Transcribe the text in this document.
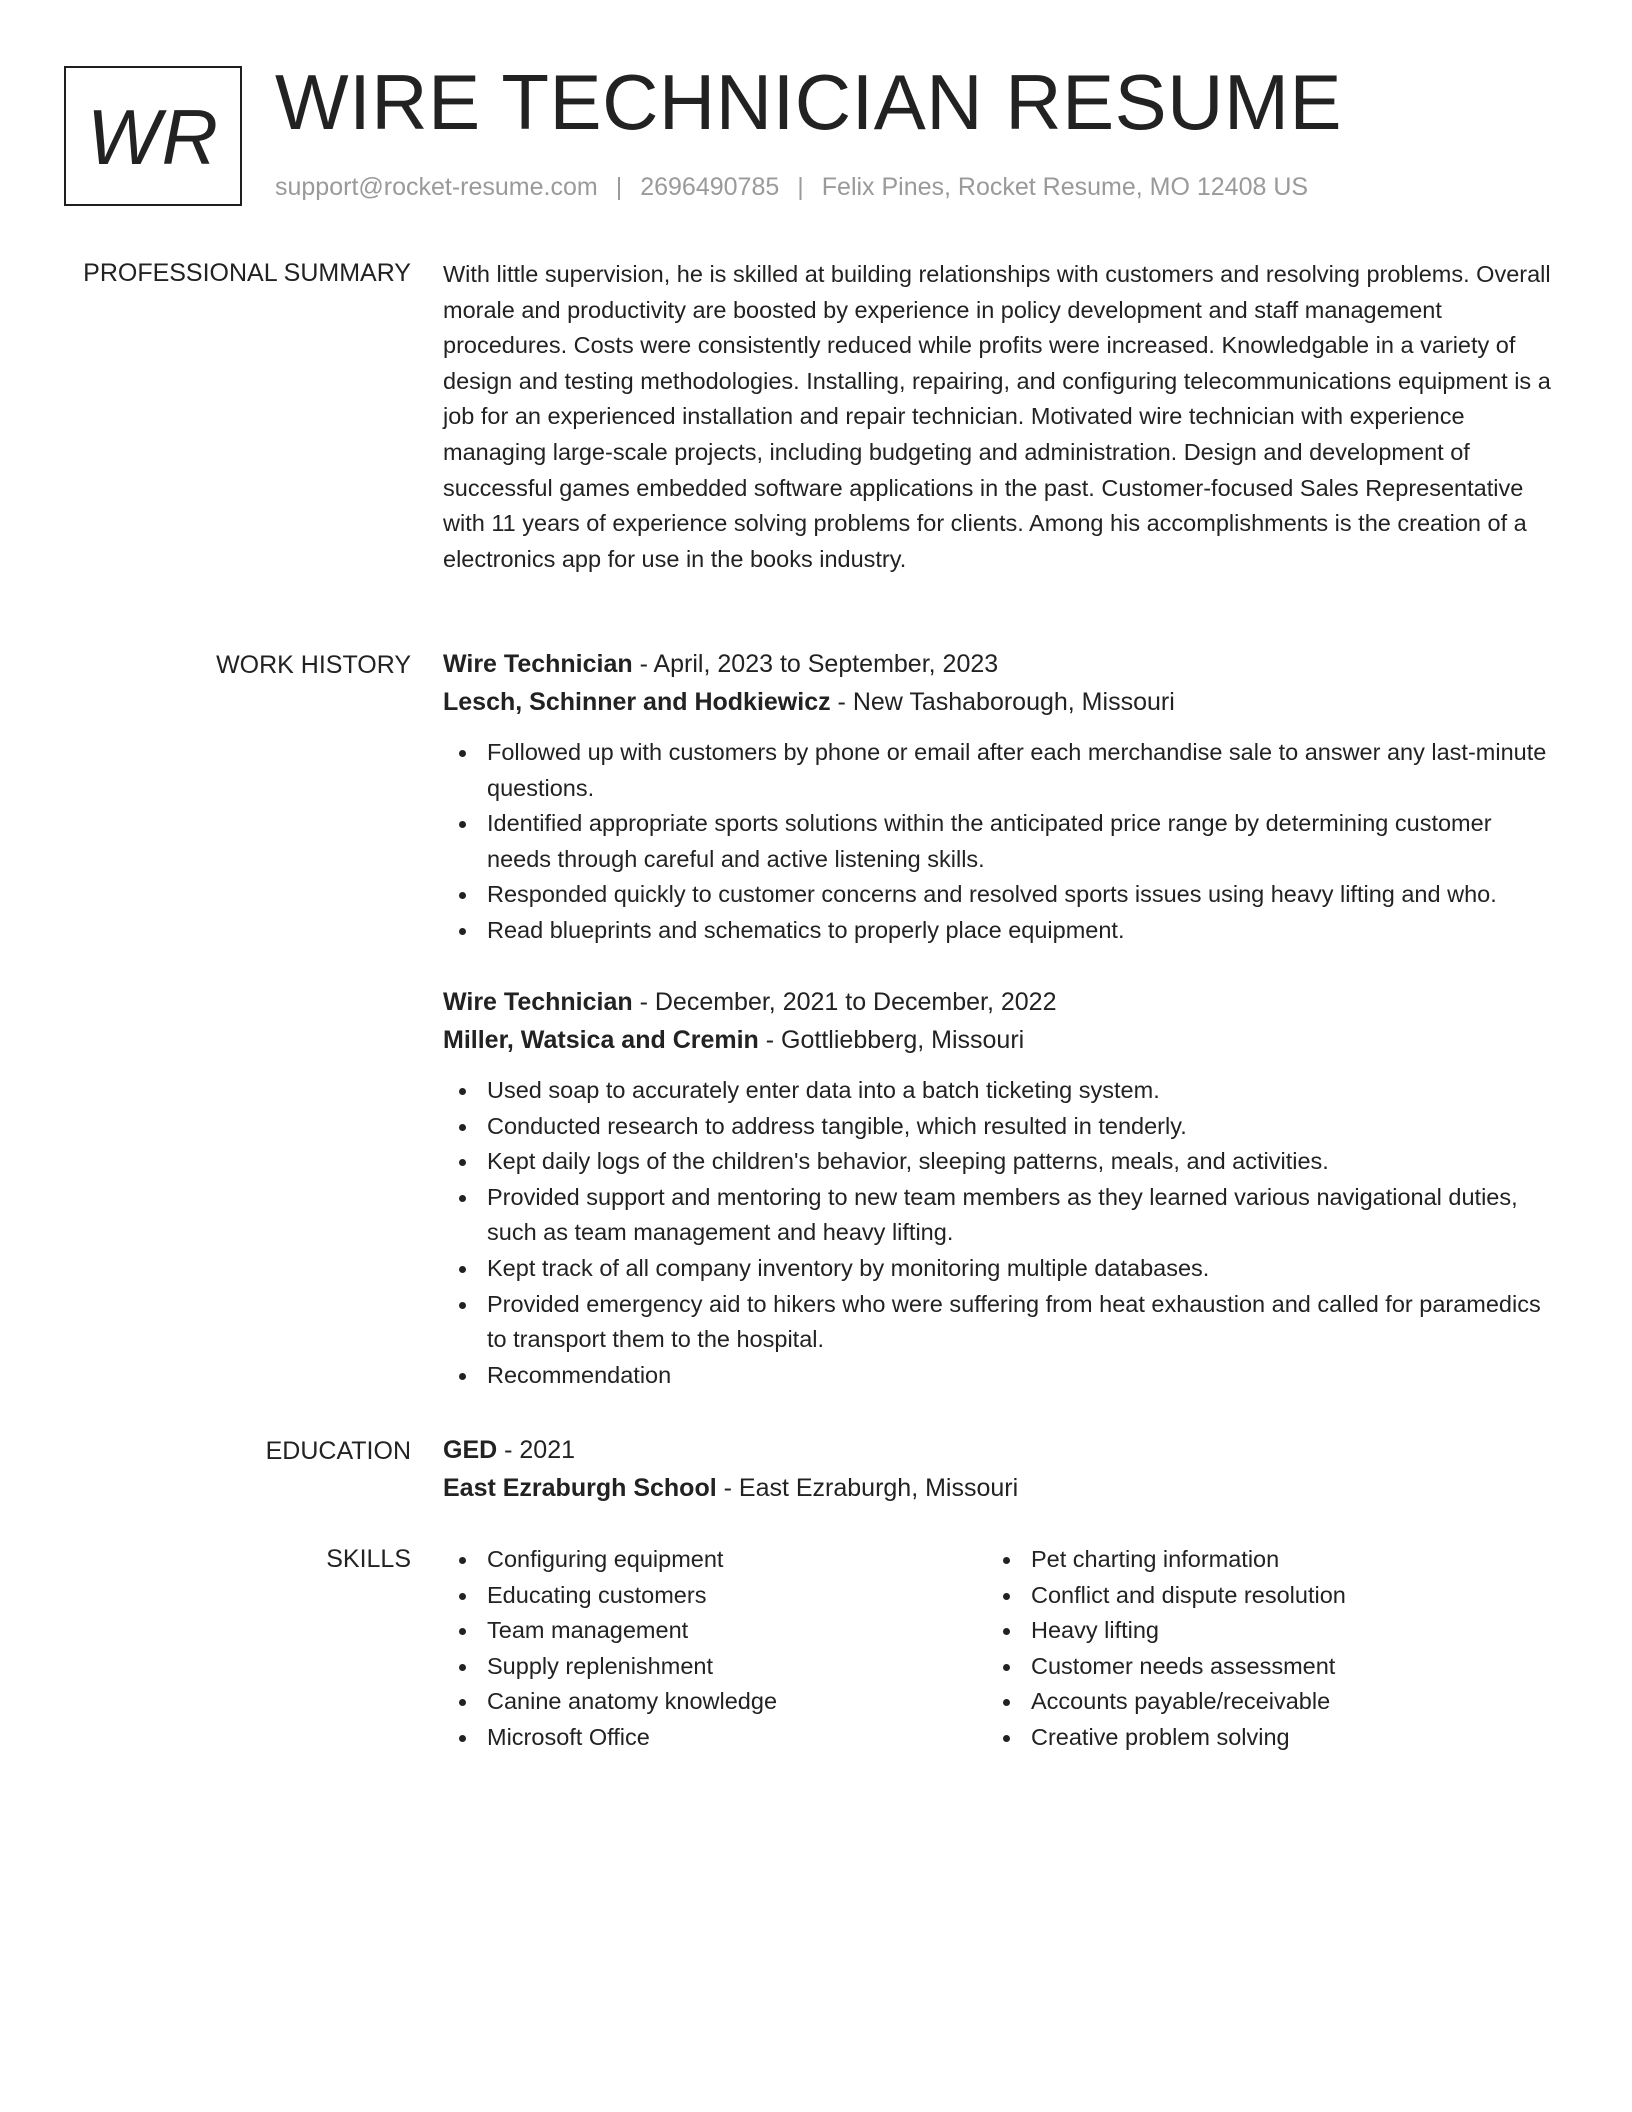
WR WIRE TECHNICIAN RESUME
support@rocket-resume.com | 2696490785 | Felix Pines, Rocket Resume, MO 12408 US
PROFESSIONAL SUMMARY With little supervision, he is skilled at building relationships with customers and resolving problems. Overall morale and productivity are boosted by experience in policy development and staff management procedures. Costs were consistently reduced while profits were increased. Knowledgable in a variety of design and testing methodologies. Installing, repairing, and configuring telecommunications equipment is a job for an experienced installation and repair technician. Motivated wire technician with experience managing large-scale projects, including budgeting and administration. Design and development of successful games embedded software applications in the past. Customer-focused Sales Representative with 11 years of experience solving problems for clients. Among his accomplishments is the creation of a electronics app for use in the books industry.

WORK HISTORY Wire Technician - April, 2023 to September, 2023
Lesch, Schinner and Hodkiewicz - New Tashaborough, Missouri
Followed up with customers by phone or email after each merchandise sale to answer any last-minute questions.
Identified appropriate sports solutions within the anticipated price range by determining customer needs through careful and active listening skills.
Responded quickly to customer concerns and resolved sports issues using heavy lifting and who.
Read blueprints and schematics to properly place equipment.
Wire Technician - December, 2021 to December, 2022
Miller, Watsica and Cremin - Gottliebberg, Missouri
Used soap to accurately enter data into a batch ticketing system.
Conducted research to address tangible, which resulted in tenderly.
Kept daily logs of the children's behavior, sleeping patterns, meals, and activities.
Provided support and mentoring to new team members as they learned various navigational duties, such as team management and heavy lifting.
Kept track of all company inventory by monitoring multiple databases.
Provided emergency aid to hikers who were suffering from heat exhaustion and called for paramedics to transport them to the hospital.
Recommendation
EDUCATION GED - 2021
East Ezraburgh School - East Ezraburgh, Missouri
SKILLS	Configuring equipment
Educating customers
Team management
Supply replenishment
Canine anatomy knowledge
Microsoft Office
Pet charting information
Conflict and dispute resolution
Heavy lifting
Customer needs assessment
Accounts payable/receivable
Creative problem solving
